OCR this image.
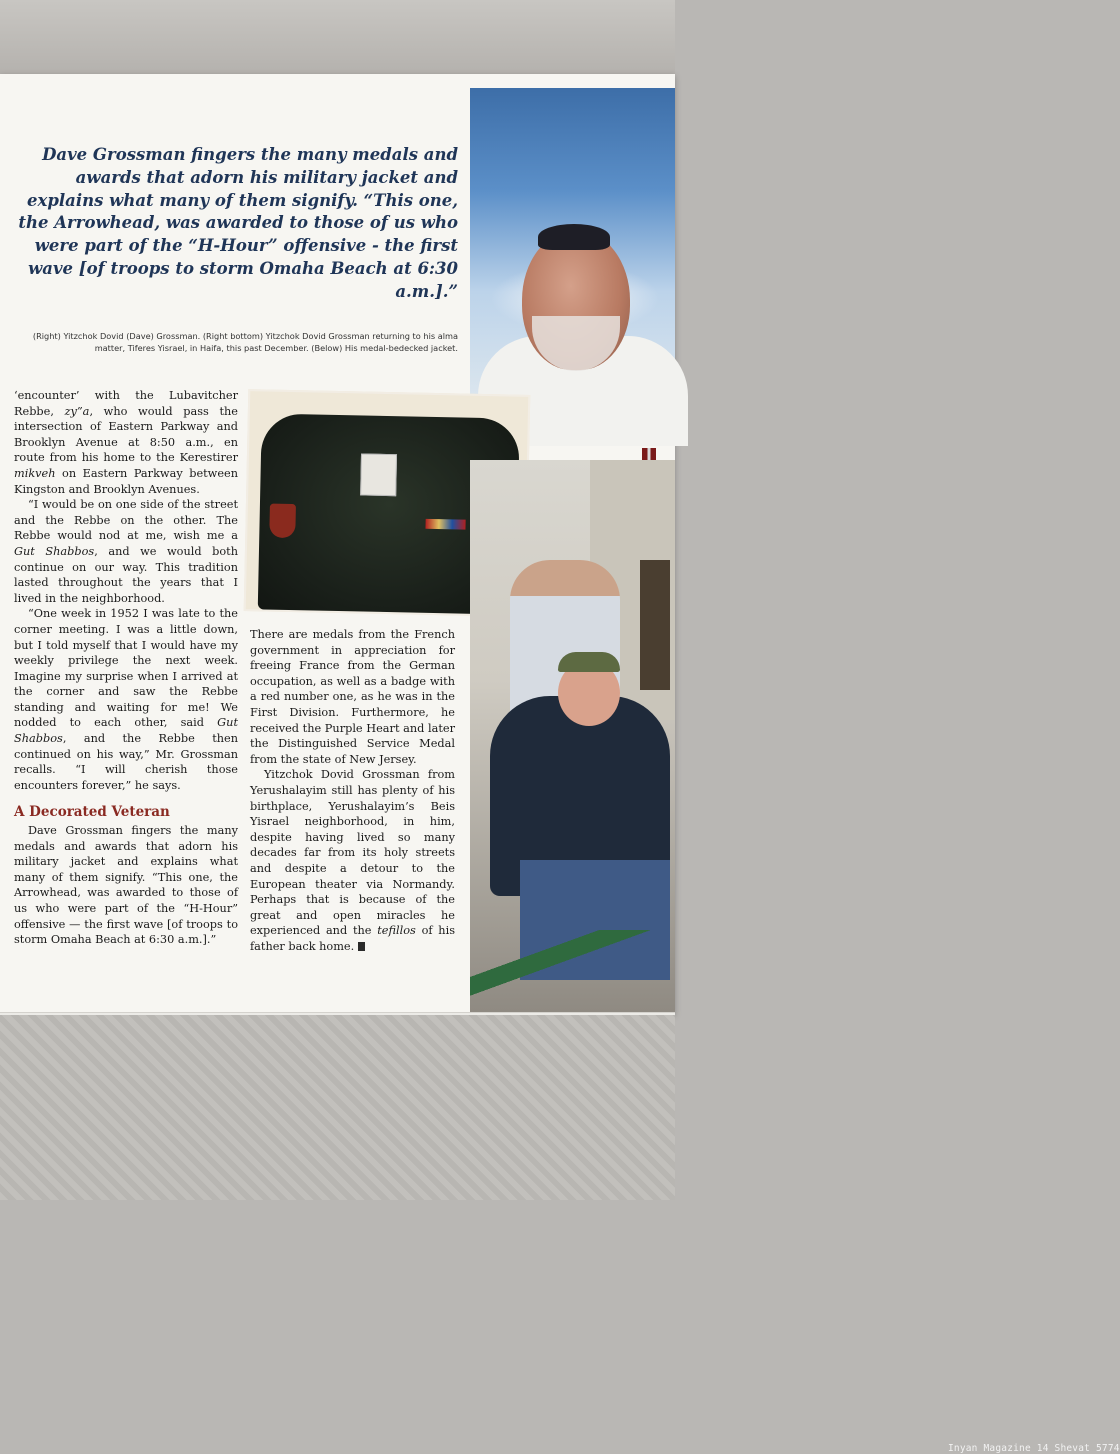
Inyan Magazine 14 Shevat 5774

Dave Grossman fingers the many medals and awards that adorn his military jacket and explains what many of them signify. “This one, the Arrowhead, was awarded to those of us who were part of the “H-Hour” offensive - the first wave [of troops to storm Omaha Beach at 6:30 a.m.].”

(Right) Yitzchok Dovid (Dave) Grossman. (Right bottom) Yitzchok Dovid Grossman returning to his alma matter, Tiferes Yisrael, in Haifa, this past December. (Below) His medal-bedecked jacket.

‘encounter’ with the Lubavitcher Rebbe, zy”a, who would pass the intersection of Eastern Parkway and Brooklyn Avenue at 8:50 a.m., en route from his home to the Kerestirer mikveh on Eastern Parkway between Kingston and Brooklyn Avenues.

“I would be on one side of the street and the Rebbe on the other. The Rebbe would nod at me, wish me a Gut Shabbos, and we would both continue on our way. This tradition lasted throughout the years that I lived in the neighborhood.

“One week in 1952 I was late to the corner meeting. I was a little down, but I told myself that I would have my weekly privilege the next week. Imagine my surprise when I arrived at the corner and saw the Rebbe standing and waiting for me! We nodded to each other, said Gut Shabbos, and the Rebbe then continued on his way,” Mr. Grossman recalls. “I will cherish those encounters forever,” he says.

A Decorated Veteran

Dave Grossman fingers the many medals and awards that adorn his military jacket and explains what many of them signify. “This one, the Arrowhead, was awarded to those of us who were part of the “H-Hour” offensive — the first wave [of troops to storm Omaha Beach at 6:30 a.m.].”

There are medals from the French government in appreciation for freeing France from the German occupation, as well as a badge with a red number one, as he was in the First Division. Furthermore, he received the Purple Heart and later the Distinguished Service Medal from the state of New Jersey.

Yitzchok Dovid Grossman from Yerushalayim still has plenty of his birthplace, Yerushalayim’s Beis Yisrael neighborhood, in him, despite having lived so many decades far from its holy streets and despite a detour to the European theater via Normandy. Perhaps that is because of the great and open miracles he experienced and the tefillos of his father back home.
